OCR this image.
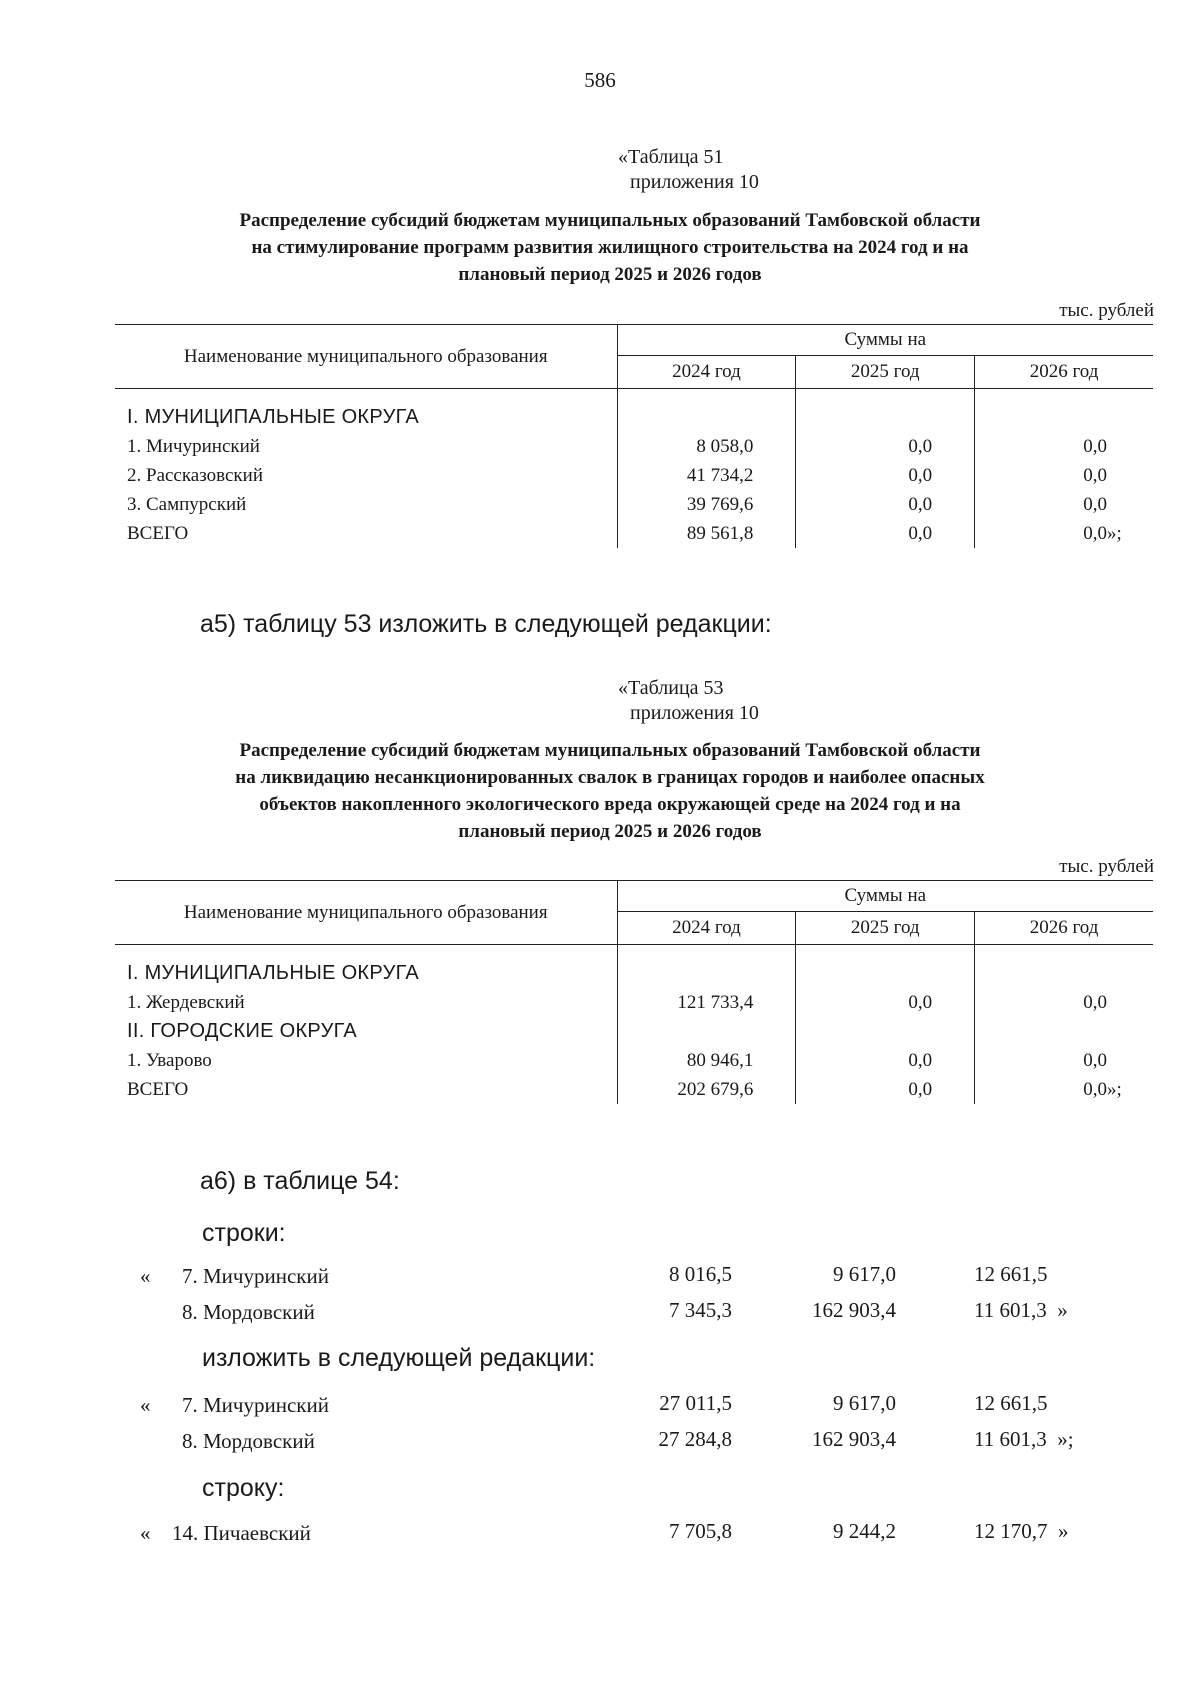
586
«Таблица 51
приложения 10
Распределение субсидий бюджетам муниципальных образований Тамбовской области
на стимулирование программ развития жилищного строительства на 2024 год и на
плановый период 2025 и 2026 годов
тыс. рублей
Наименование муниципального образования	Суммы на		
	2024 год	2025 год	2026 год

I. МУНИЦИПАЛЬНЫЕ ОКРУГА			
1. Мичуринский	8 058,0	0,0	0,0
2. Рассказовский	41 734,2	0,0	0,0
3. Сампурский	39 769,6	0,0	0,0
ВСЕГО	89 561,8	0,0	0,0»;
а5) таблицу 53 изложить в следующей редакции:
«Таблица 53
приложения 10
Распределение субсидий бюджетам муниципальных образований Тамбовской области
на ликвидацию несанкционированных свалок в границах городов и наиболее опасных
объектов накопленного экологического вреда окружающей среде на 2024 год и на
плановый период 2025 и 2026 годов
тыс. рублей
Наименование муниципального образования	Суммы на		
	2024 год	2025 год	2026 год

I. МУНИЦИПАЛЬНЫЕ ОКРУГА			
1. Жердевский	121 733,4	0,0	0,0
II. ГОРОДСКИЕ ОКРУГА			
1. Уварово	80 946,1	0,0	0,0
ВСЕГО	202 679,6	0,0	0,0»;
а6) в таблице 54:
строки:
« 7. Мичуринский	8 016,5	9 617,0	12 661,5
8. Мордовский	7 345,3	162 903,4	11 601,3 »
изложить в следующей редакции:
« 7. Мичуринский	27 011,5	9 617,0	12 661,5
8. Мордовский	27 284,8	162 903,4	11 601,3 »;
строку:
« 14. Пичаевский	7 705,8	9 244,2	12 170,7 »
